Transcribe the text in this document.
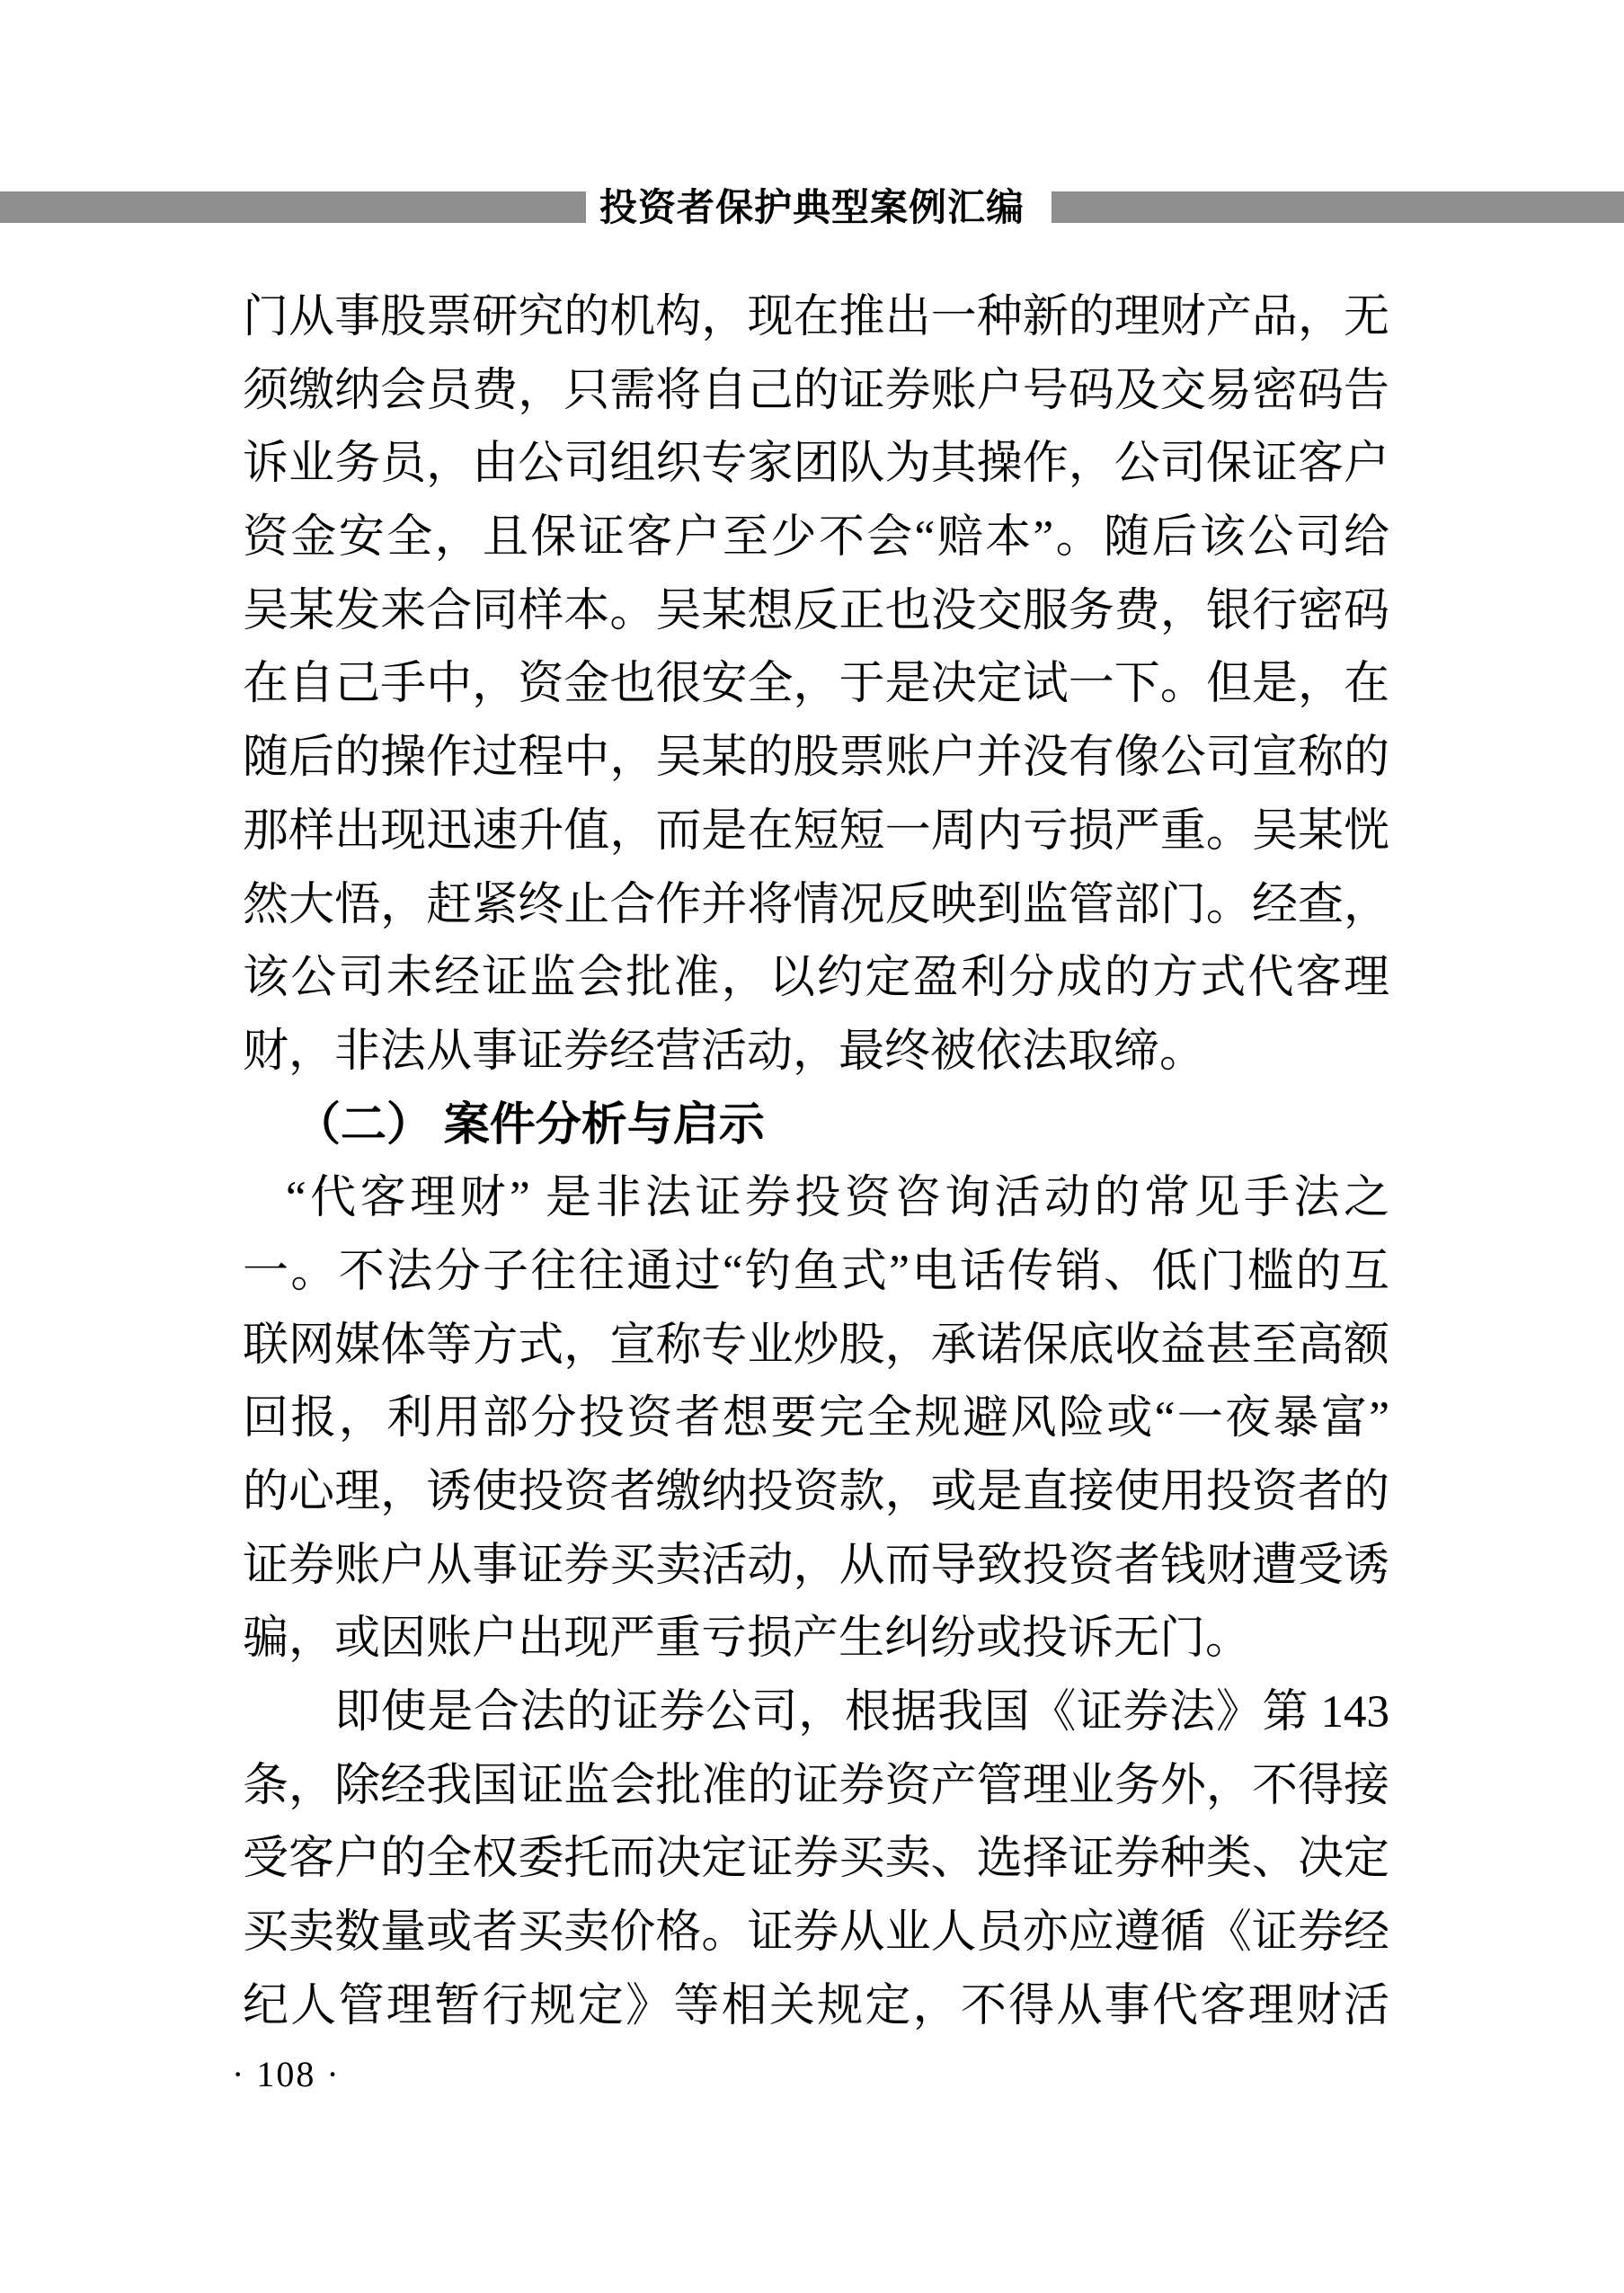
投资者保护典型案例汇编
门从事股票研究的机构，现在推出一种新的理财产品，无
须缴纳会员费，只需将自己的证券账户号码及交易密码告
诉业务员，由公司组织专家团队为其操作，公司保证客户
资金安全，且保证客户至少不会“赔本”。随后该公司给
吴某发来合同样本。吴某想反正也没交服务费，银行密码
在自己手中，资金也很安全，于是决定试一下。但是，在
随后的操作过程中，吴某的股票账户并没有像公司宣称的
那样出现迅速升值，而是在短短一周内亏损严重。吴某恍
然大悟，赶紧终止合作并将情况反映到监管部门。经查，
该公司未经证监会批准，以约定盈利分成的方式代客理
财，非法从事证券经营活动，最终被依法取缔。
（二） 案件分析与启示
“代客理财” 是非法证券投资咨询活动的常见手法之
一。不法分子往往通过“钓鱼式”电话传销、低门槛的互
联网媒体等方式，宣称专业炒股，承诺保底收益甚至高额
回报，利用部分投资者想要完全规避风险或“一夜暴富”
的心理，诱使投资者缴纳投资款，或是直接使用投资者的
证券账户从事证券买卖活动，从而导致投资者钱财遭受诱
骗，或因账户出现严重亏损产生纠纷或投诉无门。
即使是合法的证券公司，根据我国《证券法》第 143
条，除经我国证监会批准的证券资产管理业务外，不得接
受客户的全权委托而决定证券买卖、选择证券种类、决定
买卖数量或者买卖价格。证券从业人员亦应遵循《证券经
纪人管理暂行规定》等相关规定，不得从事代客理财活
· 108 ·
